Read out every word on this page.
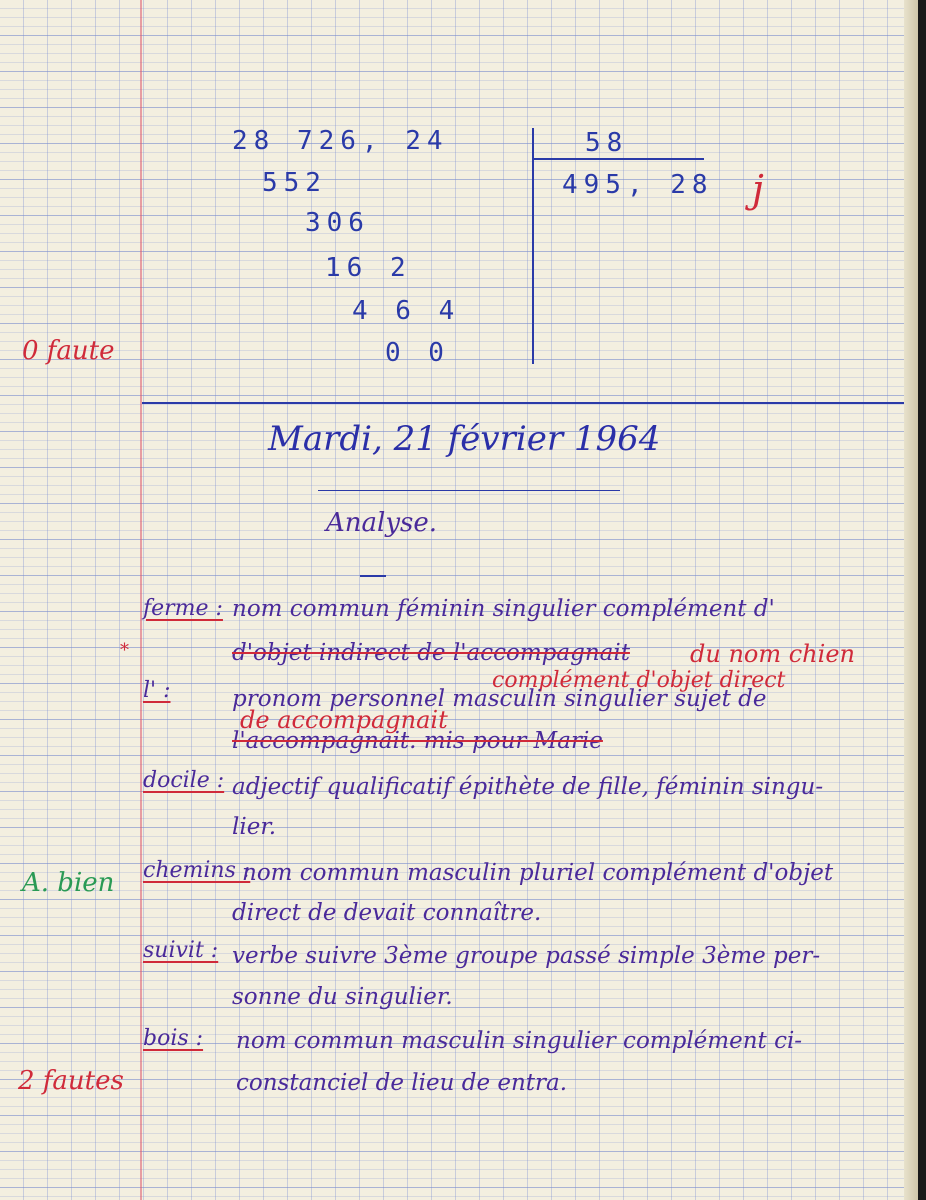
28 726, 24
552
306
16 2
4 6 4
0 0
58
495, 28 j
0 faute
Mardi, 21 février 1964
Analyse.
ferme : nom commun féminin singulier complément d'
*	d'objet indirect de l'accompagnait	du nom chien
complément d'objet direct
l' :	pronom personnel masculin singulier sujet de
de accompagnait
l'accompagnait. mis pour Marie
docile : adjectif qualificatif épithète de fille, féminin singu-
lier.
A. bien chemins :
nom commun masculin pluriel complément d'objet
direct de devait connaître.
suivit : verbe suivre 3ème groupe passé simple 3ème per-
sonne du singulier.
2 fautes
bois : nom commun masculin singulier complément ci-
constanciel de lieu de entra.
